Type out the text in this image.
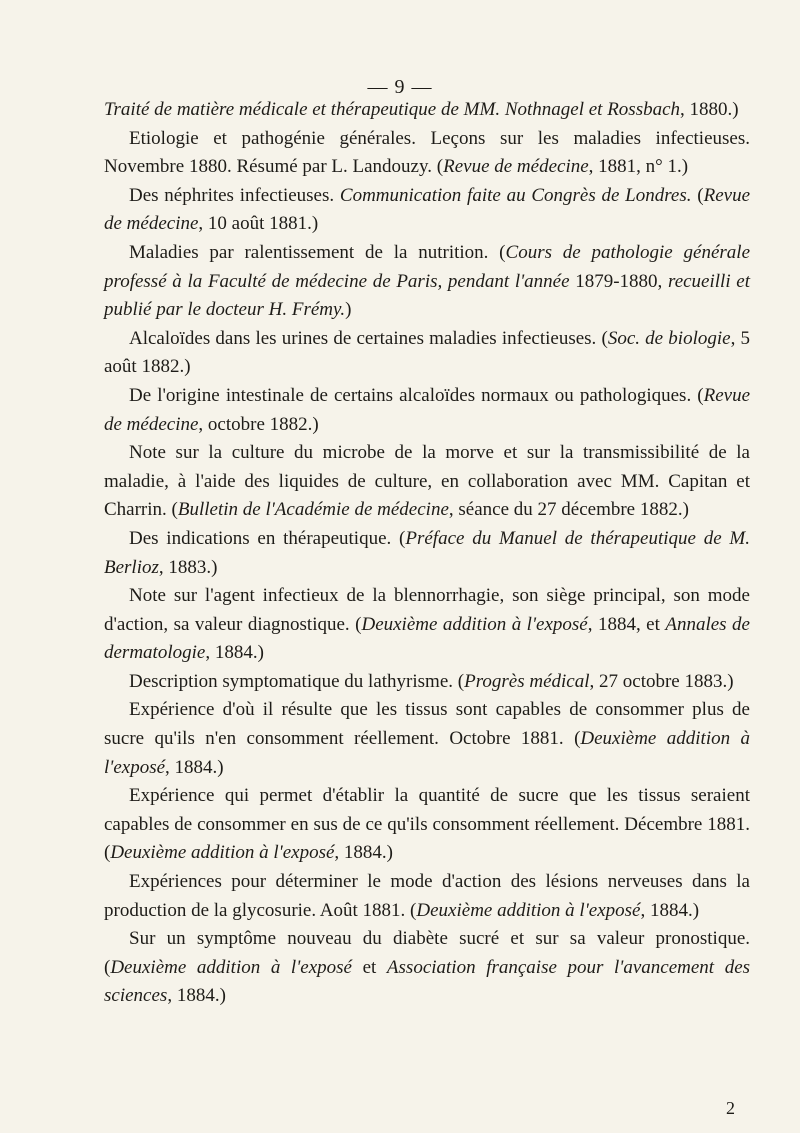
— 9 —

Traité de matière médicale et thérapeutique de MM. Nothnagel et Rossbach, 1880.)

Etiologie et pathogénie générales. Leçons sur les maladies infectieuses. Novembre 1880. Résumé par L. Landouzy. (Revue de médecine, 1881, n° 1.)

Des néphrites infectieuses. Communication faite au Congrès de Londres. (Revue de médecine, 10 août 1881.)

Maladies par ralentissement de la nutrition. (Cours de pathologie générale professé à la Faculté de médecine de Paris, pendant l'année 1879-1880, recueilli et publié par le docteur H. Frémy.)

Alcaloïdes dans les urines de certaines maladies infectieuses. (Soc. de biologie, 5 août 1882.)

De l'origine intestinale de certains alcaloïdes normaux ou pathologiques. (Revue de médecine, octobre 1882.)

Note sur la culture du microbe de la morve et sur la transmissibilité de la maladie, à l'aide des liquides de culture, en collaboration avec MM. Capitan et Charrin. (Bulletin de l'Académie de médecine, séance du 27 décembre 1882.)

Des indications en thérapeutique. (Préface du Manuel de thérapeutique de M. Berlioz, 1883.)

Note sur l'agent infectieux de la blennorrhagie, son siège principal, son mode d'action, sa valeur diagnostique. (Deuxième addition à l'exposé, 1884, et Annales de dermatologie, 1884.)

Description symptomatique du lathyrisme. (Progrès médical, 27 octobre 1883.)

Expérience d'où il résulte que les tissus sont capables de consommer plus de sucre qu'ils n'en consomment réellement. Octobre 1881. (Deuxième addition à l'exposé, 1884.)

Expérience qui permet d'établir la quantité de sucre que les tissus seraient capables de consommer en sus de ce qu'ils consomment réellement. Décembre 1881. (Deuxième addition à l'exposé, 1884.)

Expériences pour déterminer le mode d'action des lésions nerveuses dans la production de la glycosurie. Août 1881. (Deuxième addition à l'exposé, 1884.)

Sur un symptôme nouveau du diabète sucré et sur sa valeur pronostique. (Deuxième addition à l'exposé et Association française pour l'avancement des sciences, 1884.)

2
